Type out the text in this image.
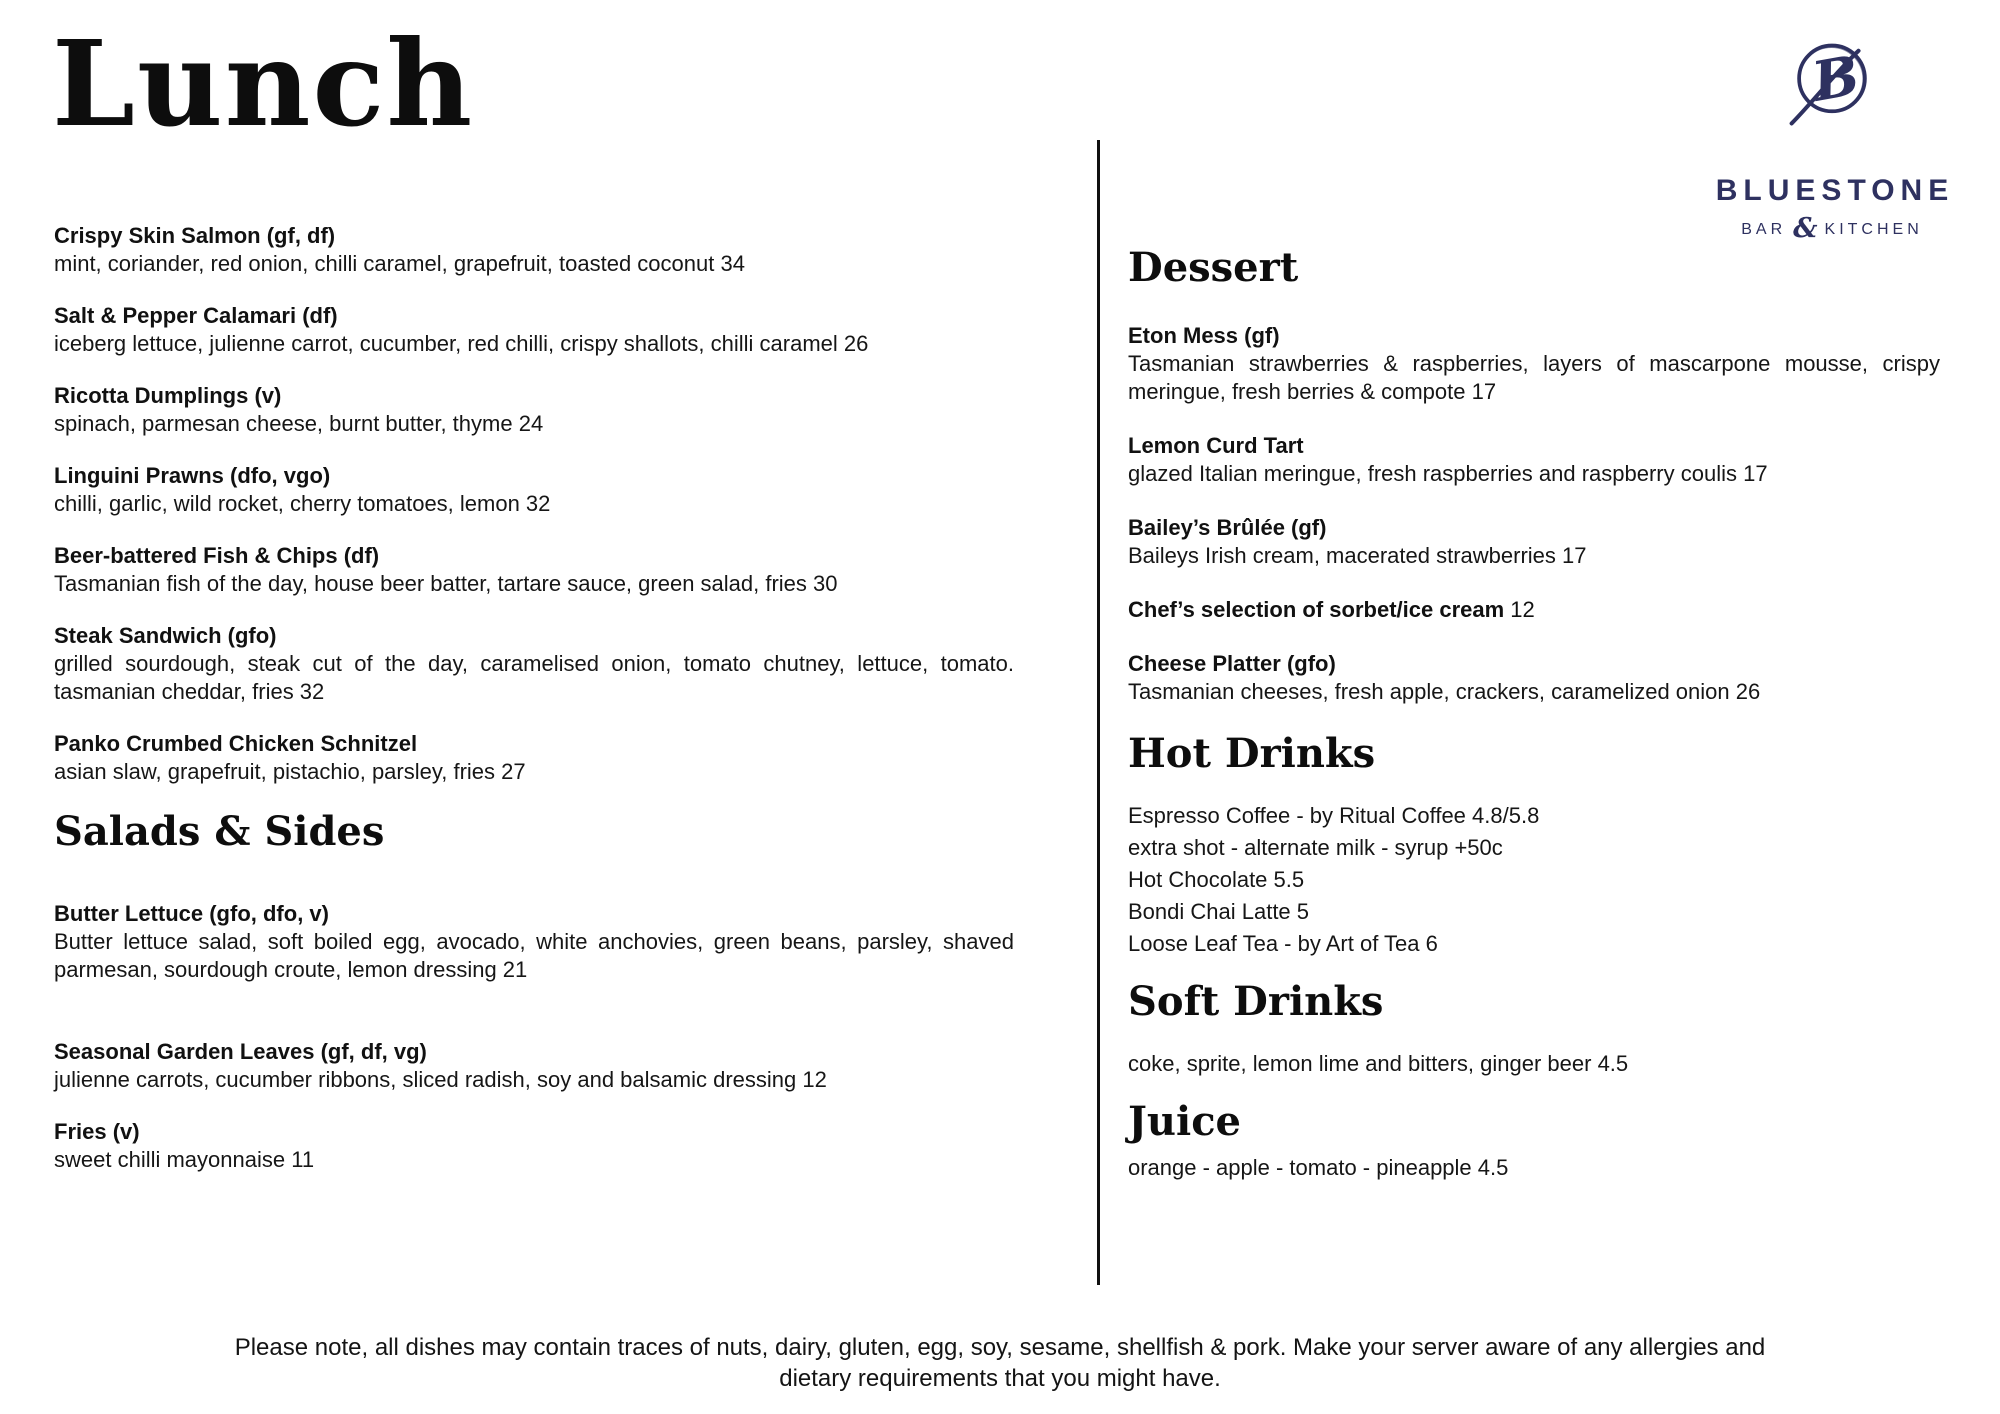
Lunch	B
BLUESTONE
BAR & KITCHEN
Crispy Skin Salmon (gf, df)

mint, coriander, red onion, chilli caramel, grapefruit, toasted coconut 34

Salt & Pepper Calamari (df)

iceberg lettuce, julienne carrot, cucumber, red chilli, crispy shallots, chilli caramel 26

Ricotta Dumplings (v)

spinach, parmesan cheese, burnt butter, thyme 24

Linguini Prawns (dfo, vgo)

chilli, garlic, wild rocket, cherry tomatoes, lemon 32

Beer-battered Fish & Chips (df)

Tasmanian fish of the day, house beer batter, tartare sauce, green salad, fries 30

Steak Sandwich (gfo)

grilled sourdough, steak cut of the day, caramelised onion, tomato chutney, lettuce, tomato. tasmanian cheddar, fries 32

Panko Crumbed Chicken Schnitzel

asian slaw, grapefruit, pistachio, parsley, fries 27

Salads & Sides
Butter Lettuce (gfo, dfo, v)

Butter lettuce salad, soft boiled egg, avocado, white anchovies, green beans, parsley, shaved parmesan, sourdough croute, lemon dressing 21

Seasonal Garden Leaves (gf, df, vg)

julienne carrots, cucumber ribbons, sliced radish, soy and balsamic dressing 12

Fries (v)

sweet chilli mayonnaise 11

Dessert
Eton Mess (gf)

Tasmanian strawberries & raspberries, layers of mascarpone mousse, crispy meringue, fresh berries & compote 17

Lemon Curd Tart

glazed Italian meringue, fresh raspberries and raspberry coulis 17

Bailey’s Brûlée (gf)

Baileys Irish cream, macerated strawberries 17

Chef’s selection of sorbet/ice cream 12
Cheese Platter (gfo)

Tasmanian cheeses, fresh apple, crackers, caramelized onion 26

Hot Drinks

Espresso Coffee - by Ritual Coffee 4.8/5.8

extra shot - alternate milk - syrup +50c

Hot Chocolate 5.5

Bondi Chai Latte 5

Loose Leaf Tea - by Art of Tea 6

Soft Drinks

coke, sprite, lemon lime and bitters, ginger beer 4.5

Juice

orange - apple - tomato - pineapple 4.5

Please note, all dishes may contain traces of nuts, dairy, gluten, egg, soy, sesame, shellfish & pork. Make your server aware of any allergies and

dietary requirements that you might have.
